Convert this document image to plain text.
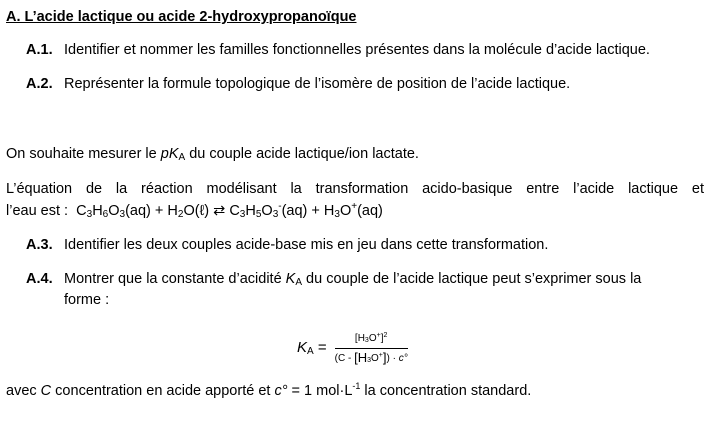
A. L’acide lactique ou acide 2-hydroxypropanoïque
A.1. Identifier et nommer les familles fonctionnelles présentes dans la molécule d’acide lactique.
A.2. Représenter la formule topologique de l’isomère de position de l’acide lactique.
On souhaite mesurer le $pK_A$ du couple acide lactique/ion lactate.
L’équation de la réaction modélisant la transformation acido-basique entre l’acide lactique et
l’eau est : $C_3H_6O_3(aq)$ + $H_2O(\ell)$ ⇄ $C_3H_5O_3^-(aq) + H_3O^+(aq)$
A.3. Identifier les deux couples acide-base mis en jeu dans cette transformation.
A.4. Montrer que la constante d’acidité $K_A$ du couple de l’acide lactique peut s’exprimer sous la
forme :
KA = $\frac{[H3O^+]^2}{(C - [H3O^+]) \cdot c^\circ}$
avec C concentration en acide apporté et c° = 1 $mol\cdot L^{-1}$ la concentration standard.
